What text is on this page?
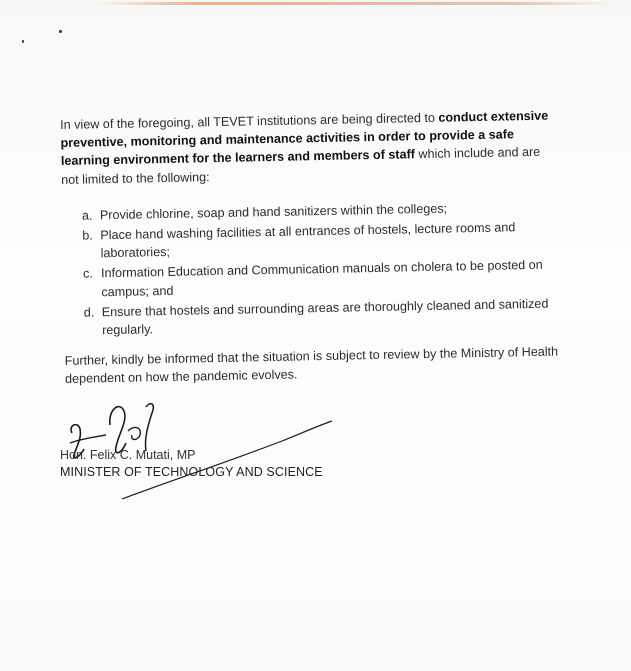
In view of the foregoing, all TEVET institutions are being directed to conduct extensive preventive, monitoring and maintenance activities in order to provide a safe learning environment for the learners and members of staff which include and are not limited to the following:

a. Provide chlorine, soap and hand sanitizers within the colleges;
b. Place hand washing facilities at all entrances of hostels, lecture rooms and laboratories;
c. Information Education and Communication manuals on cholera to be posted on campus; and
d. Ensure that hostels and surrounding areas are thoroughly cleaned and sanitized regularly.

Further, kindly be informed that the situation is subject to review by the Ministry of Health dependent on how the pandemic evolves.

Hon. Felix C. Mutati, MP

MINISTER OF TECHNOLOGY AND SCIENCE
